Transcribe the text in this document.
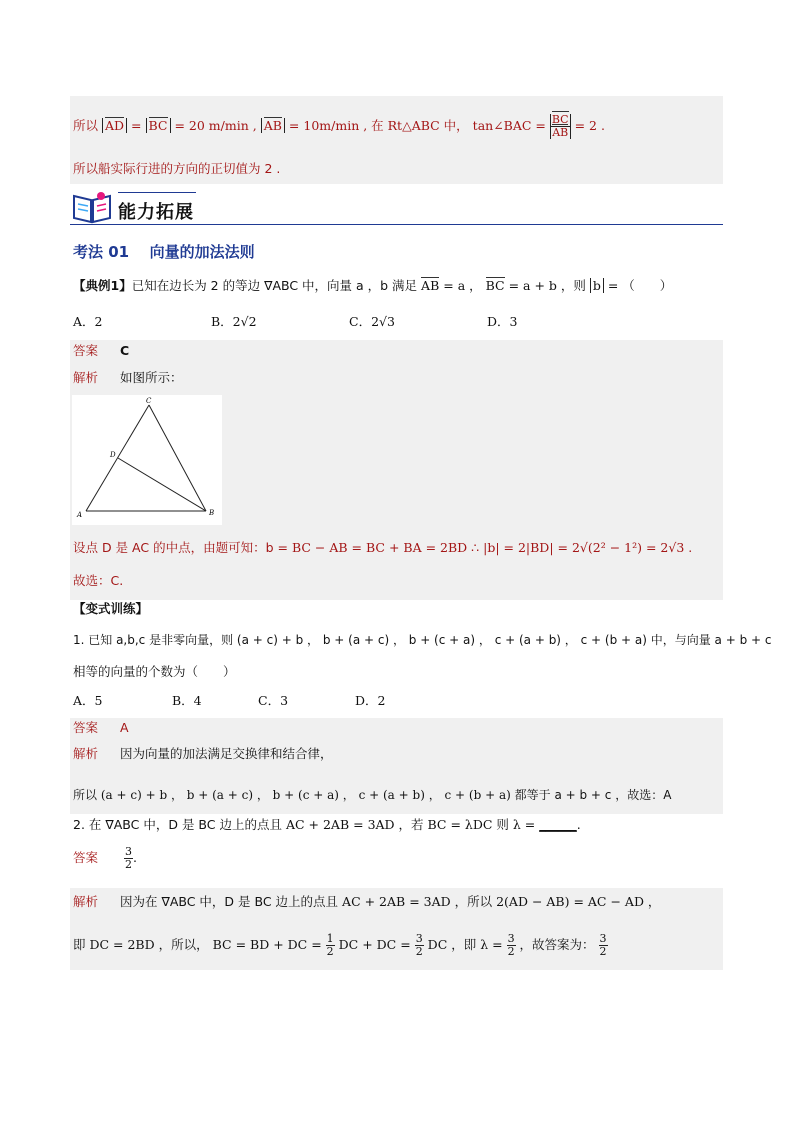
所以 AD = BC = 20 m/min , AB = 10m/min , 在 Rt△ABC 中， tan∠BAC = $\frac{BC}{AB} = 2$ .
所以船实际行进的方向的正切值为 2 .
能力拓展
考法 01 向量的加法法则
【典例1】已知在边长为 2 的等边 ∇ABC 中，向量 a ，b 满足 AB = a ， BC = a + b ，则 b = （　　）
A．2	B．2√2	C．2√3	D．3
答案 C
解析 如图所示：
A	B
C
D
设点 D 是 AC 的中点，由题可知：b = BC − AB = BC + BA = 2BD ∴ |b| = 2|BD| = 2√(2² − 1²) = 2√3 .
故选：C.
【变式训练】
1. 已知 a,b,c 是非零向量，则 (a + c) + b ， b + (a + c) ， b + (c + a) ， c + (a + b) ， c + (b + a) 中，与向量 a + b + c
相等的向量的个数为（　　）
A．5	B．4	C．3	D．2
答案 A
解析 因为向量的加法满足交换律和结合律，
所以 (a + c) + b ， b + (a + c) ， b + (c + a) ， c + (a + b) ， c + (b + a) 都等于 a + b + c ，故选：A
2. 在 ∇ABC 中，D 是 BC 边上的点且 AC + 2AB = 3AD ，若 BC = λDC 则 λ = ______.
答案 $\frac{3}{2}$ .
解析 因为在 ∇ABC 中，D 是 BC 边上的点且 AC + 2AB = 3AD ，所以 2(AD − AB) = AC − AD ，
即 DC = 2BD ，所以， BC = BD + DC = $\frac{1}{2}$ DC + DC = $\frac{3}{2}$ DC ，即 $\lambda = \frac{3}{2}$ ，故答案为： $\frac{3}{2}$
